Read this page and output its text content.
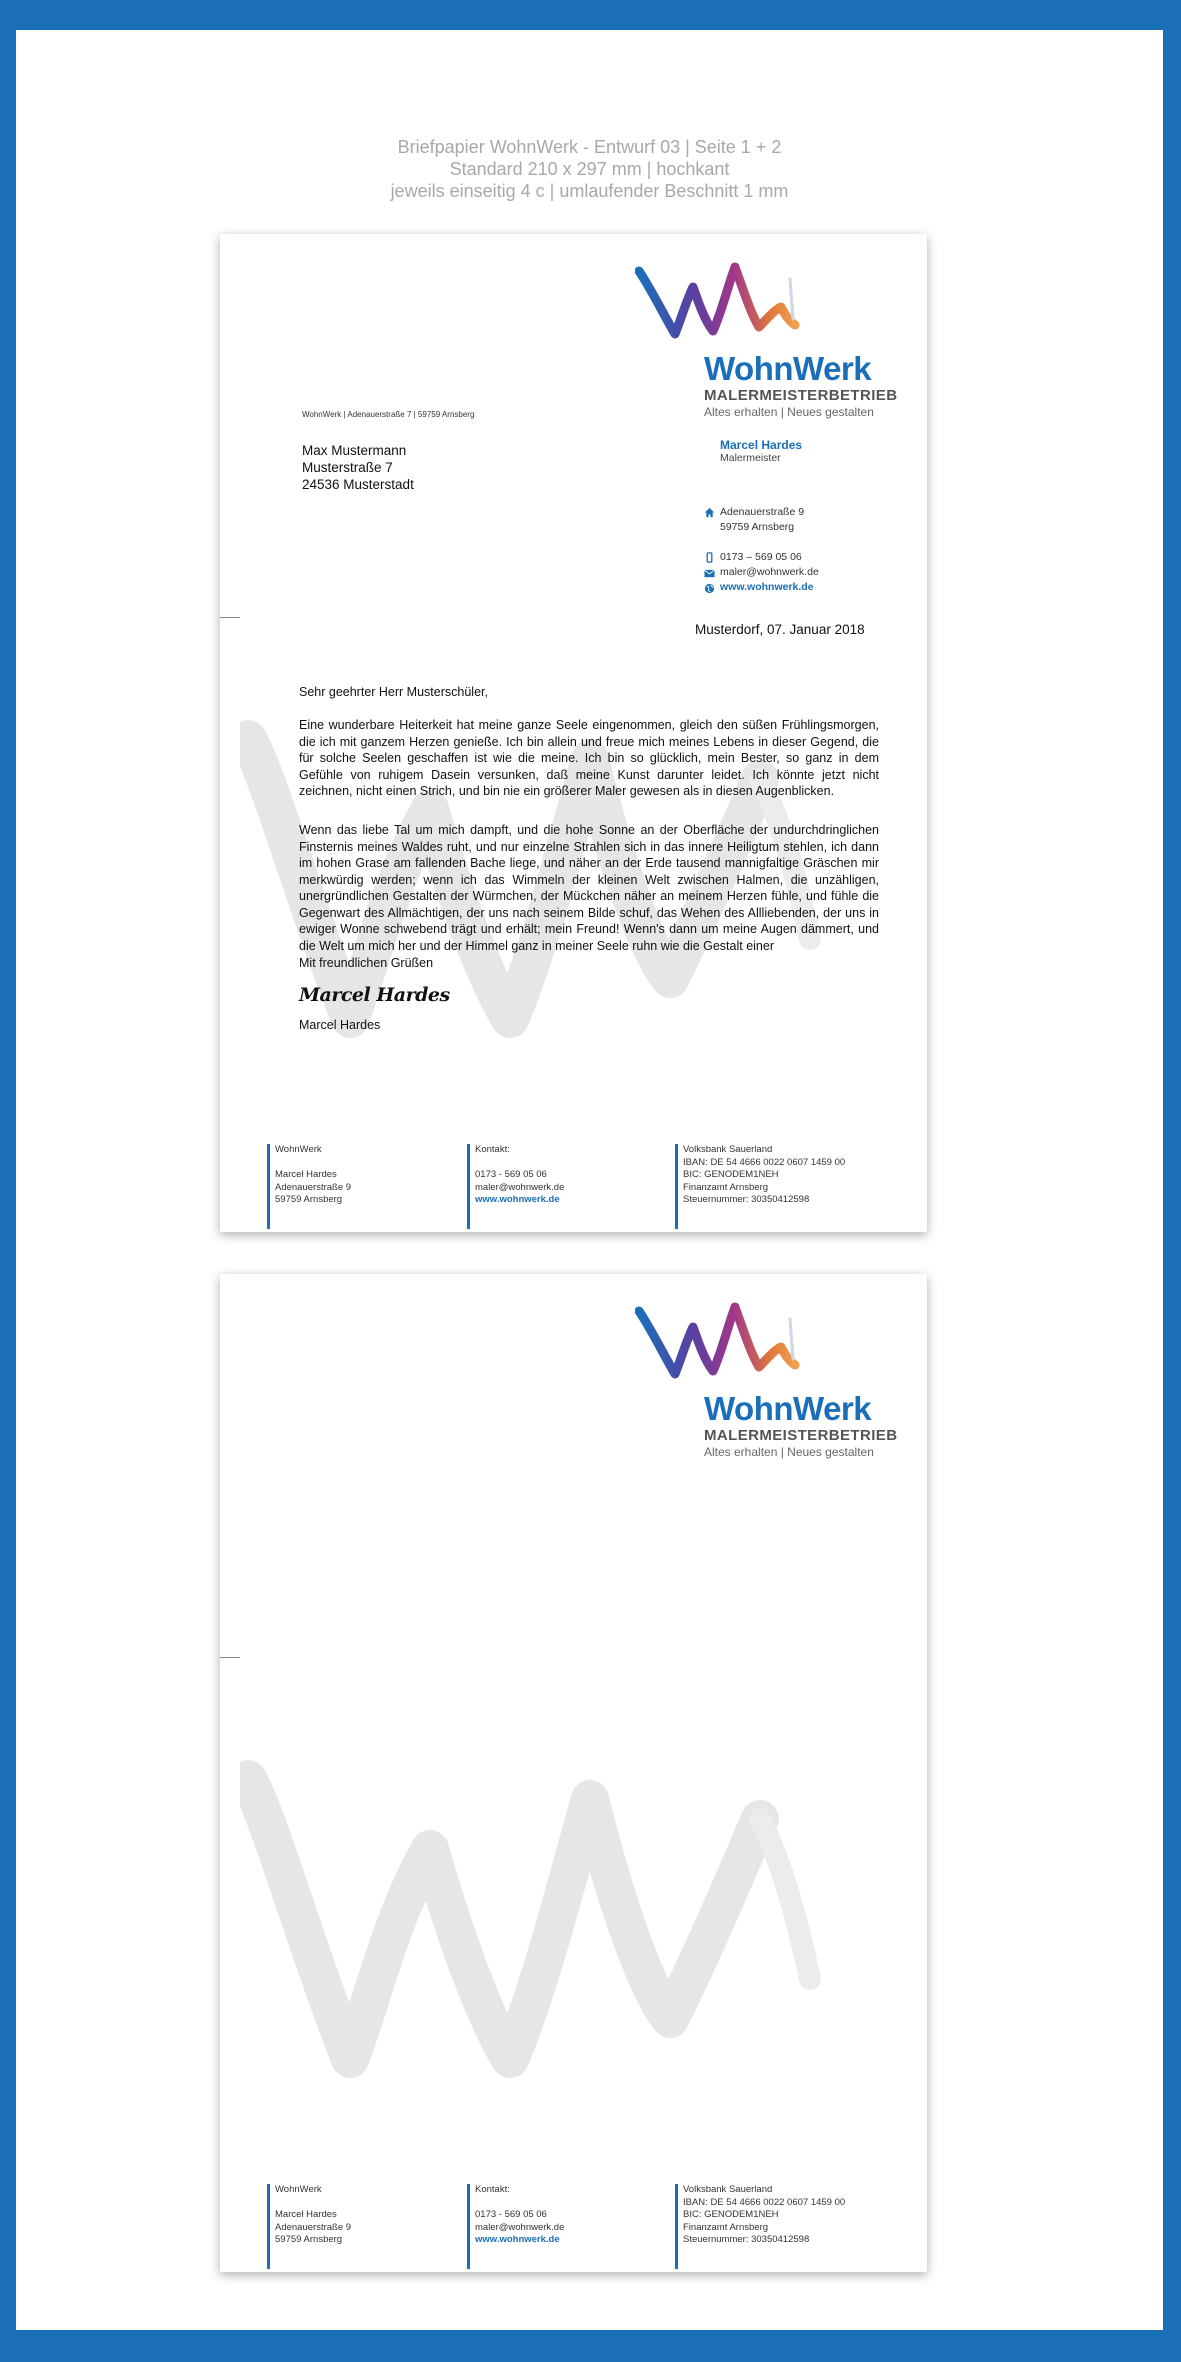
Briefpapier WohnWerk - Entwurf 03 | Seite 1 + 2
Standard 210 x 297 mm | hochkant
jeweils einseitig 4 c | umlaufender Beschnitt 1 mm
WohnWerk
MALERMEISTERBETRIEB
Altes erhalten | Neues gestalten
WohnWerk | Adenauerstraße 7 | 59759 Arnsberg
Max Mustermann
Musterstraße 7
24536 Musterstadt
Marcel Hardes
Malermeister
Adenauerstraße 9
59759 Arnsberg
0173 – 569 05 06
maler@wohnwerk.de
www.wohnwerk.de
Musterdorf, 07. Januar 2018
Sehr geehrter Herr Musterschüler,
Eine wunderbare Heiterkeit hat meine ganze Seele eingenommen, gleich den süßen Frühlingsmorgen, die ich mit ganzem Herzen genieße. Ich bin allein und freue mich meines Lebens in dieser Gegend, die für solche Seelen geschaffen ist wie die meine. Ich bin so glücklich, mein Bester, so ganz in dem Gefühle von ruhigem Dasein versunken, daß meine Kunst darunter leidet. Ich könnte jetzt nicht zeichnen, nicht einen Strich, und bin nie ein größerer Maler gewesen als in diesen Augenblicken.
Wenn das liebe Tal um mich dampft, und die hohe Sonne an der Oberfläche der undurchdringlichen Finsternis meines Waldes ruht, und nur einzelne Strahlen sich in das innere Heiligtum stehlen, ich dann im hohen Grase am fallenden Bache liege, und näher an der Erde tausend mannigfaltige Gräschen mir merkwürdig werden; wenn ich das Wimmeln der kleinen Welt zwischen Halmen, die unzähligen, unergründlichen Gestalten der Würmchen, der Mückchen näher an meinem Herzen fühle, und fühle die Gegenwart des Allmächtigen, der uns nach seinem Bilde schuf, das Wehen des Allliebenden, der uns in ewiger Wonne schwebend trägt und erhält; mein Freund! Wenn's dann um meine Augen dämmert, und die Welt um mich her und der Himmel ganz in meiner Seele ruhn wie die Gestalt einer
Mit freundlichen Grüßen
Marcel Hardes
Marcel Hardes
WohnWerk
Marcel Hardes
Adenauerstraße 9
59759 Arnsberg
Kontakt:
0173 - 569 05 06
maler@wohnwerk.de
www.wohnwerk.de
Volksbank Sauerland
IBAN: DE 54 4666 0022 0607 1459 00
BIC: GENODEM1NEH
Finanzamt Arnsberg
Steuernummer: 30350412598
WohnWerk
MALERMEISTERBETRIEB
Altes erhalten | Neues gestalten
WohnWerk
Marcel Hardes
Adenauerstraße 9
59759 Arnsberg
Kontakt:
0173 - 569 05 06
maler@wohnwerk.de
www.wohnwerk.de
Volksbank Sauerland
IBAN: DE 54 4666 0022 0607 1459 00
BIC: GENODEM1NEH
Finanzamt Arnsberg
Steuernummer: 30350412598
